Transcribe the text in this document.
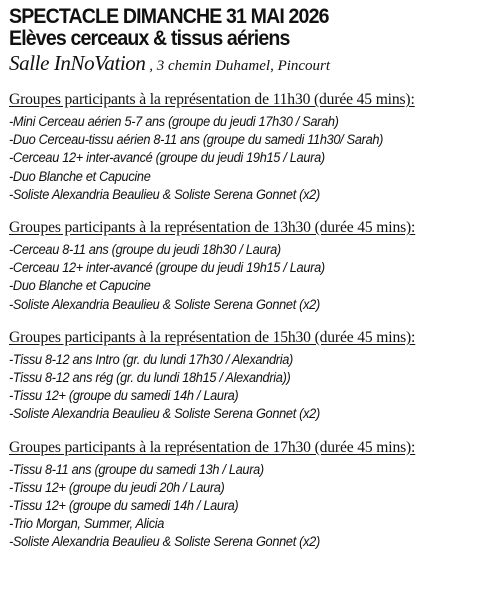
SPECTACLE DIMANCHE 31 MAI 2026
Elèves cerceaux & tissus aériens
Salle InNoVation , 3 chemin Duhamel, Pincourt
Groupes participants à la représentation de 11h30 (durée 45 mins):
-Mini Cerceau aérien 5-7 ans (groupe du jeudi 17h30 / Sarah)
-Duo Cerceau-tissu aérien 8-11 ans (groupe du samedi 11h30/ Sarah)
-Cerceau 12+ inter-avancé (groupe du jeudi 19h15 / Laura)
-Duo Blanche et Capucine
-Soliste Alexandria Beaulieu & Soliste Serena Gonnet (x2)
Groupes participants à la représentation de 13h30 (durée 45 mins):
-Cerceau 8-11 ans (groupe du jeudi 18h30 / Laura)
-Cerceau 12+ inter-avancé (groupe du jeudi 19h15 / Laura)
-Duo Blanche et Capucine
-Soliste Alexandria Beaulieu & Soliste Serena Gonnet (x2)
Groupes participants à la représentation de 15h30 (durée 45 mins):
-Tissu 8-12 ans Intro (gr. du lundi 17h30 / Alexandria)
-Tissu 8-12 ans rég (gr. du lundi 18h15 / Alexandria))
-Tissu 12+ (groupe du samedi 14h / Laura)
-Soliste Alexandria Beaulieu & Soliste Serena Gonnet (x2)
Groupes participants à la représentation de 17h30 (durée 45 mins):
-Tissu 8-11 ans (groupe du samedi 13h / Laura)
-Tissu 12+ (groupe du jeudi 20h / Laura)
-Tissu 12+ (groupe du samedi 14h / Laura)
-Trio Morgan, Summer, Alicia
-Soliste Alexandria Beaulieu & Soliste Serena Gonnet (x2)
